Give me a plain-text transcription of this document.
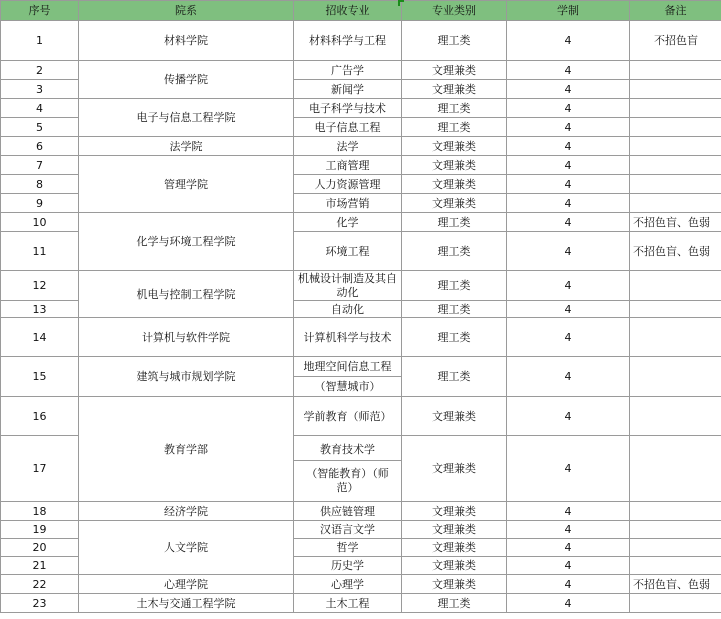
序号	院系	招收专业	专业类别	学制	备注
1	材料学院	材料科学与工程	理工类	4	不招色盲
2	传播学院	广告学	文理兼类	4	
3		新闻学	文理兼类	4	
4	电子与信息工程学院	电子科学与技术	理工类	4	
5		电子信息工程	理工类	4	
6	法学院	法学	文理兼类	4	
7	管理学院	工商管理	文理兼类	4	
8		人力资源管理	文理兼类	4	
9		市场营销	文理兼类	4	
10	化学与环境工程学院	化学	理工类	4	不招色盲、色弱
11		环境工程	理工类	4	不招色盲、色弱
12	机电与控制工程学院	机械设计制造及其自动化	理工类	4	
13		自动化	理工类	4	
14	计算机与软件学院	计算机科学与技术	理工类	4	
15	建筑与城市规划学院	地理空间信息工程
（智慧城市）	理工类	4	
16	教育学部	学前教育（师范）	文理兼类	4	
17		教育技术学
（智能教育）（师范）	文理兼类	4	
18	经济学院	供应链管理	文理兼类	4	
19	人文学院	汉语言文学	文理兼类	4	
20		哲学	文理兼类	4	
21		历史学	文理兼类	4	
22	心理学院	心理学	文理兼类	4	不招色盲、色弱
23	土木与交通工程学院	土木工程	理工类	4	
